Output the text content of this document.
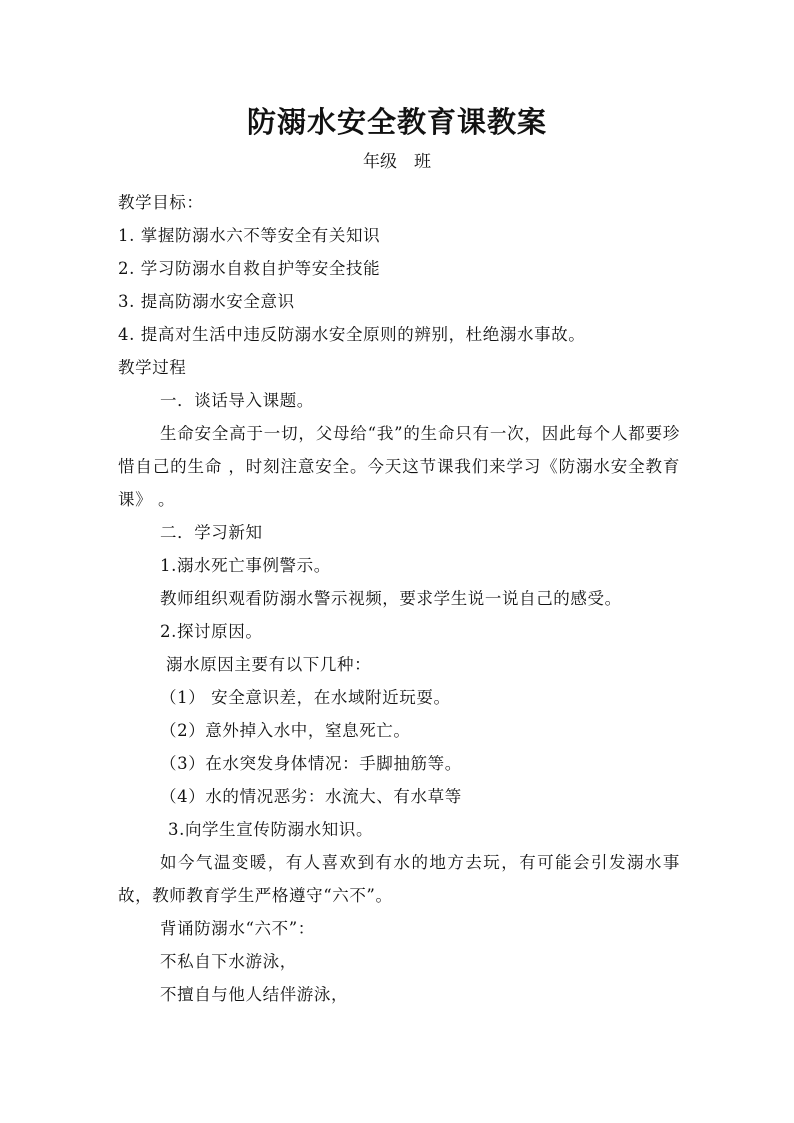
防溺水安全教育课教案
年级　班
教学目标：
1. 掌握防溺水六不等安全有关知识
2. 学习防溺水自救自护等安全技能
3. 提高防溺水安全意识
4. 提高对生活中违反防溺水安全原则的辨别，杜绝溺水事故。
教学过程
一．谈话导入课题。
生命安全高于一切，父母给“我”的生命只有一次，因此每个人都要珍惜自己的生命 ，时刻注意安全。今天这节课我们来学习《防溺水安全教育课》 。
二．学习新知
1.溺水死亡事例警示。
教师组织观看防溺水警示视频，要求学生说一说自己的感受。
2.探讨原因。
溺水原因主要有以下几种：
（1） 安全意识差，在水域附近玩耍。
（2）意外掉入水中，窒息死亡。
（3）在水突发身体情况：手脚抽筋等。
（4）水的情况恶劣：水流大、有水草等
3.向学生宣传防溺水知识。
如今气温变暖，有人喜欢到有水的地方去玩，有可能会引发溺水事故，教师教育学生严格遵守“六不”。
背诵防溺水“六不”：
不私自下水游泳，
不擅自与他人结伴游泳，
